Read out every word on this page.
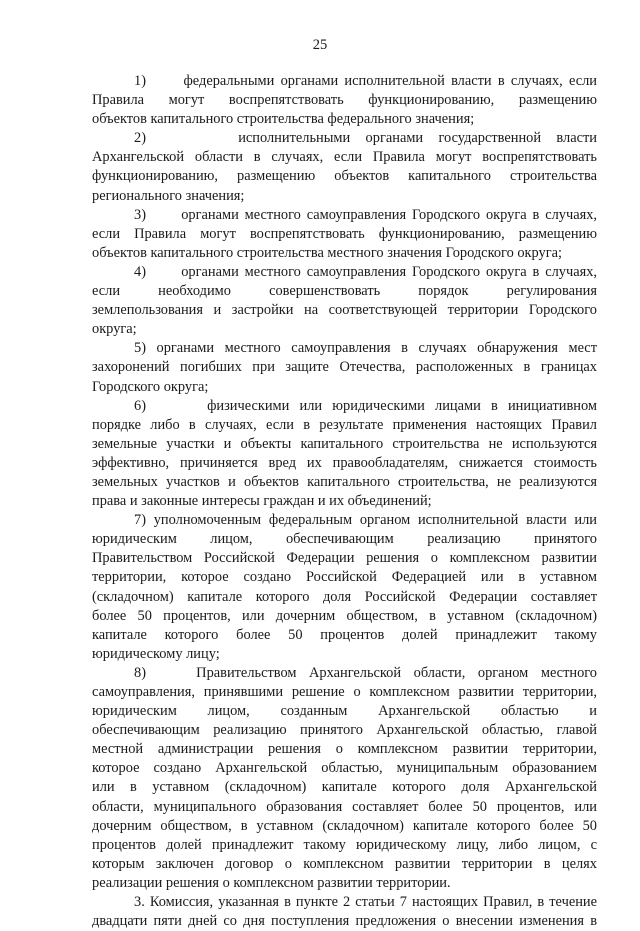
25
1)      федеральными органами исполнительной власти в случаях, если
Правила могут воспрепятствовать функционированию, размещению
объектов капитального строительства федерального значения;
2)      исполнительными органами государственной власти
Архангельской области в случаях, если Правила могут воспрепятствовать
функционированию, размещению объектов капитального строительства
регионального значения;
3)      органами местного самоуправления Городского округа в случаях,
если Правила могут воспрепятствовать функционированию, размещению
объектов капитального строительства местного значения Городского округа;
4)      органами местного самоуправления Городского округа в случаях,
если необходимо совершенствовать порядок регулирования
землепользования и застройки на соответствующей территории Городского
округа;
5) органами местного самоуправления в случаях обнаружения мест
захоронений погибших при защите Отечества, расположенных в границах
Городского округа;
6)      физическими или юридическими лицами в инициативном
порядке либо в случаях, если в результате применения настоящих Правил
земельные участки и объекты капитального строительства не используются
эффективно, причиняется вред их правообладателям, снижается стоимость
земельных участков и объектов капитального строительства, не реализуются
права и законные интересы граждан и их объединений;
7) уполномоченным федеральным органом исполнительной власти или
юридическим лицом, обеспечивающим реализацию принятого
Правительством Российской Федерации решения о комплексном развитии
территории, которое создано Российской Федерацией или в уставном
(складочном) капитале которого доля Российской Федерации составляет
более 50 процентов, или дочерним обществом, в уставном (складочном)
капитале которого более 50 процентов долей принадлежит такому
юридическому лицу;
8)    Правительством Архангельской области, органом местного
самоуправления, принявшими решение о комплексном развитии территории,
юридическим лицом, созданным Архангельской областью и
обеспечивающим реализацию принятого Архангельской областью, главой
местной администрации решения о комплексном развитии территории,
которое создано Архангельской областью, муниципальным образованием
или в уставном (складочном) капитале которого доля Архангельской
области, муниципального образования составляет более 50 процентов, или
дочерним обществом, в уставном (складочном) капитале которого более 50
процентов долей принадлежит такому юридическому лицу, либо лицом, с
которым заключен договор о комплексном развитии территории в целях
реализации решения о комплексном развитии территории.
3. Комиссия, указанная в пункте 2 статьи 7 настоящих Правил, в течение
двадцати пяти дней со дня поступления предложения о внесении изменения в
